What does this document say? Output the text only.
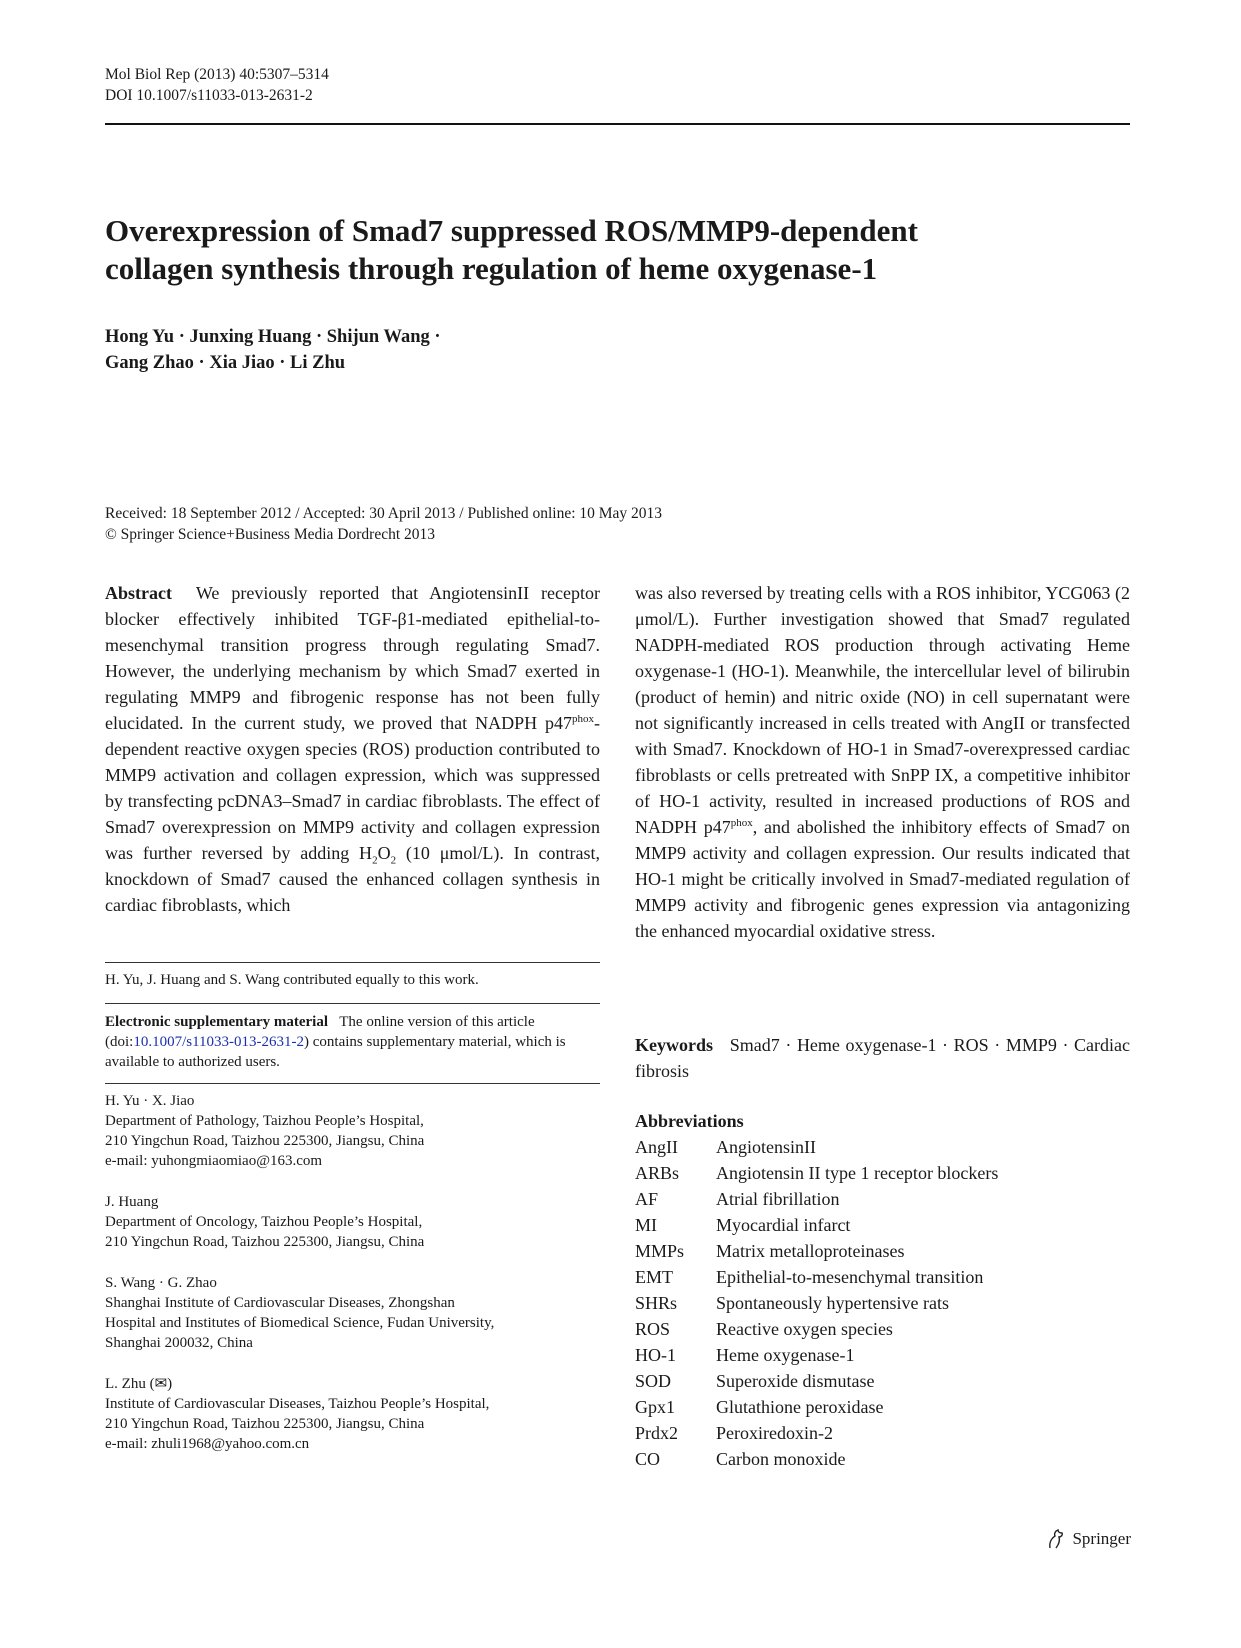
Mol Biol Rep (2013) 40:5307–5314
DOI 10.1007/s11033-013-2631-2
Overexpression of Smad7 suppressed ROS/MMP9-dependent
collagen synthesis through regulation of heme oxygenase-1
Hong Yu · Junxing Huang · Shijun Wang ·
Gang Zhao · Xia Jiao · Li Zhu
Received: 18 September 2012 / Accepted: 30 April 2013 / Published online: 10 May 2013
© Springer Science+Business Media Dordrecht 2013
Abstract We previously reported that AngiotensinII receptor blocker effectively inhibited TGF-β1-mediated epithelial-to-mesenchymal transition progress through regulating Smad7. However, the underlying mechanism by which Smad7 exerted in regulating MMP9 and fibrogenic response has not been fully elucidated. In the current study, we proved that NADPH $p47^{phox}$-dependent reactive oxygen species (ROS) production contributed to MMP9 activation and collagen expression, which was suppressed by transfecting pcDNA3–Smad7 in cardiac fibroblasts. The effect of Smad7 overexpression on MMP9 activity and collagen expression was further reversed by adding $H_2O_2$ (10 μmol/L). In contrast, knockdown of Smad7 caused the enhanced collagen synthesis in cardiac fibroblasts, which
H. Yu, J. Huang and S. Wang contributed equally to this work.
Electronic supplementary material The online version of this article (doi:10.1007/s11033-013-2631-2) contains supplementary material, which is available to authorized users.
H. Yu · X. Jiao
Department of Pathology, Taizhou People’s Hospital,
210 Yingchun Road, Taizhou 225300, Jiangsu, China
e-mail: yuhongmiaomiao@163.com
J. Huang
Department of Oncology, Taizhou People’s Hospital,
210 Yingchun Road, Taizhou 225300, Jiangsu, China
S. Wang · G. Zhao
Shanghai Institute of Cardiovascular Diseases, Zhongshan
Hospital and Institutes of Biomedical Science, Fudan University,
Shanghai 200032, China
L. Zhu (✉)
Institute of Cardiovascular Diseases, Taizhou People’s Hospital,
210 Yingchun Road, Taizhou 225300, Jiangsu, China
e-mail: zhuli1968@yahoo.com.cn
was also reversed by treating cells with a ROS inhibitor, YCG063 (2 μmol/L). Further investigation showed that Smad7 regulated NADPH-mediated ROS production through activating Heme oxygenase-1 (HO-1). Meanwhile, the intercellular level of bilirubin (product of hemin) and nitric oxide (NO) in cell supernatant were not significantly increased in cells treated with AngII or transfected with Smad7. Knockdown of HO-1 in Smad7-overexpressed cardiac fibroblasts or cells pretreated with SnPP IX, a competitive inhibitor of HO-1 activity, resulted in increased productions of ROS and NADPH $p47^{phox}$, and abolished the inhibitory effects of Smad7 on MMP9 activity and collagen expression. Our results indicated that HO-1 might be critically involved in Smad7-mediated regulation of MMP9 activity and fibrogenic genes expression via antagonizing the enhanced myocardial oxidative stress.
Keywords Smad7 · Heme oxygenase-1 · ROS · MMP9 · Cardiac fibrosis
Abbreviations
AngII	AngiotensinII
ARBs	Angiotensin II type 1 receptor blockers
AF	Atrial fibrillation
MI	Myocardial infarct
MMPs	Matrix metalloproteinases
EMT	Epithelial-to-mesenchymal transition
SHRs	Spontaneously hypertensive rats
ROS	Reactive oxygen species
HO-1	Heme oxygenase-1
SOD	Superoxide dismutase
Gpx1	Glutathione peroxidase
Prdx2	Peroxiredoxin-2
CO	Carbon monoxide
Springer
